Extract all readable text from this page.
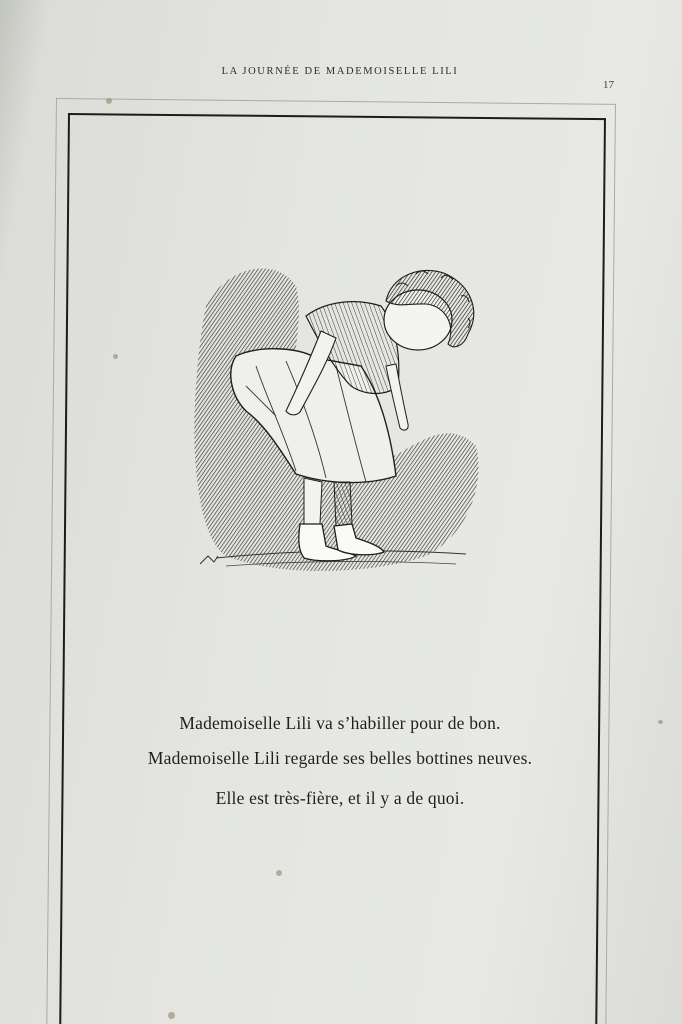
LA JOURNÉE DE MADEMOISELLE LILI
17
Mademoiselle Lili va s’habiller pour de bon.
Mademoiselle Lili regarde ses belles bottines neuves.
Elle est très-fière, et il y a de quoi.
